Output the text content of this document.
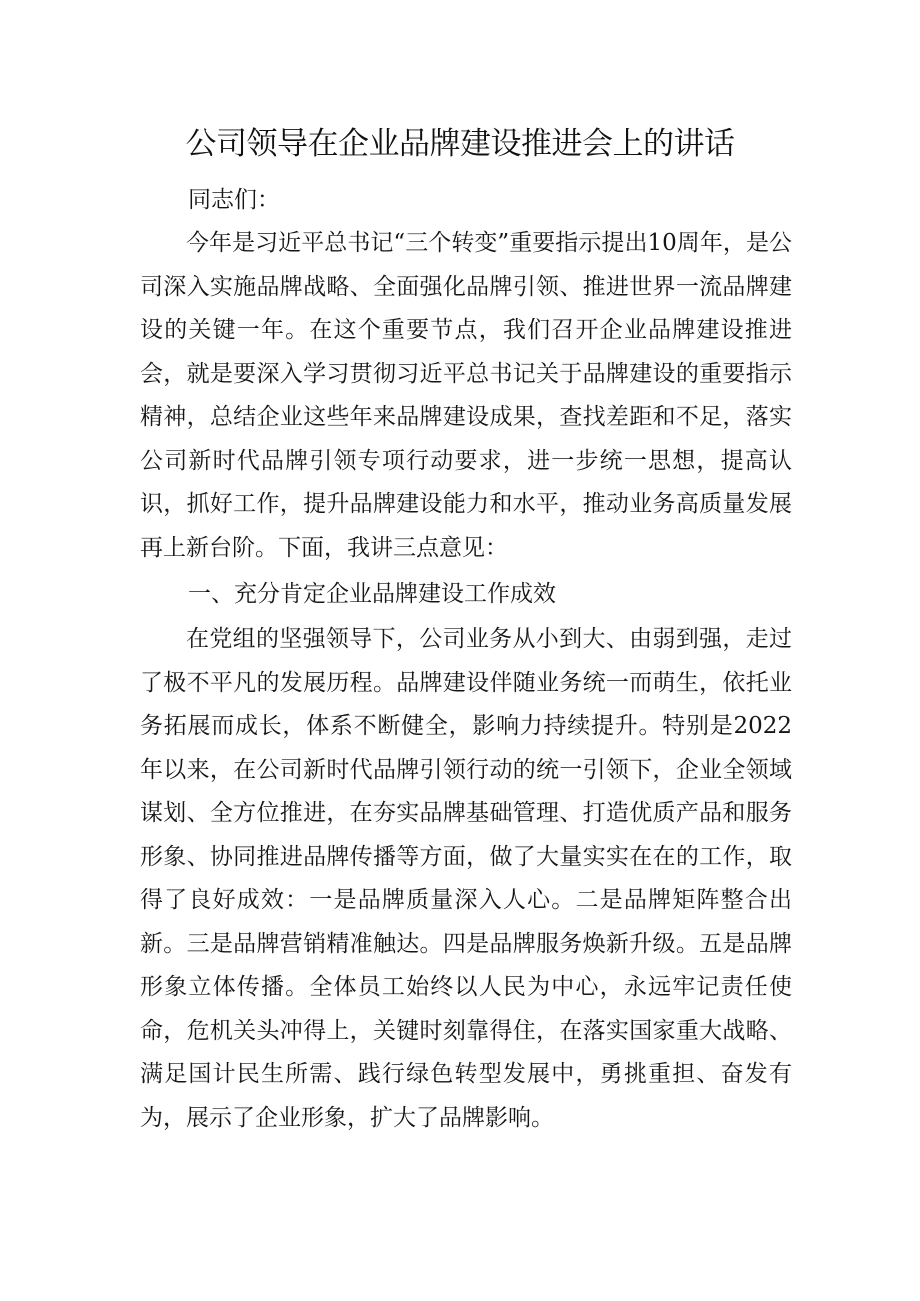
公司领导在企业品牌建设推进会上的讲话
同志们：

今年是习近平总书记“三个转变”重要指示提出10周年，是公司深入实施品牌战略、全面强化品牌引领、推进世界一流品牌建设的关键一年。在这个重要节点，我们召开企业品牌建设推进会，就是要深入学习贯彻习近平总书记关于品牌建设的重要指示精神，总结企业这些年来品牌建设成果，查找差距和不足，落实公司新时代品牌引领专项行动要求，进一步统一思想，提高认识，抓好工作，提升品牌建设能力和水平，推动业务高质量发展再上新台阶。下面，我讲三点意见：

一、充分肯定企业品牌建设工作成效

在党组的坚强领导下，公司业务从小到大、由弱到强，走过了极不平凡的发展历程。品牌建设伴随业务统一而萌生，依托业务拓展而成长，体系不断健全，影响力持续提升。特别是2022年以来，在公司新时代品牌引领行动的统一引领下，企业全领域谋划、全方位推进，在夯实品牌基础管理、打造优质产品和服务形象、协同推进品牌传播等方面，做了大量实实在在的工作，取得了良好成效：一是品牌质量深入人心。二是品牌矩阵整合出新。三是品牌营销精准触达。四是品牌服务焕新升级。五是品牌形象立体传播。全体员工始终以人民为中心，永远牢记责任使命，危机关头冲得上，关键时刻靠得住，在落实国家重大战略、满足国计民生所需、践行绿色转型发展中，勇挑重担、奋发有为，展示了企业形象，扩大了品牌影响。
